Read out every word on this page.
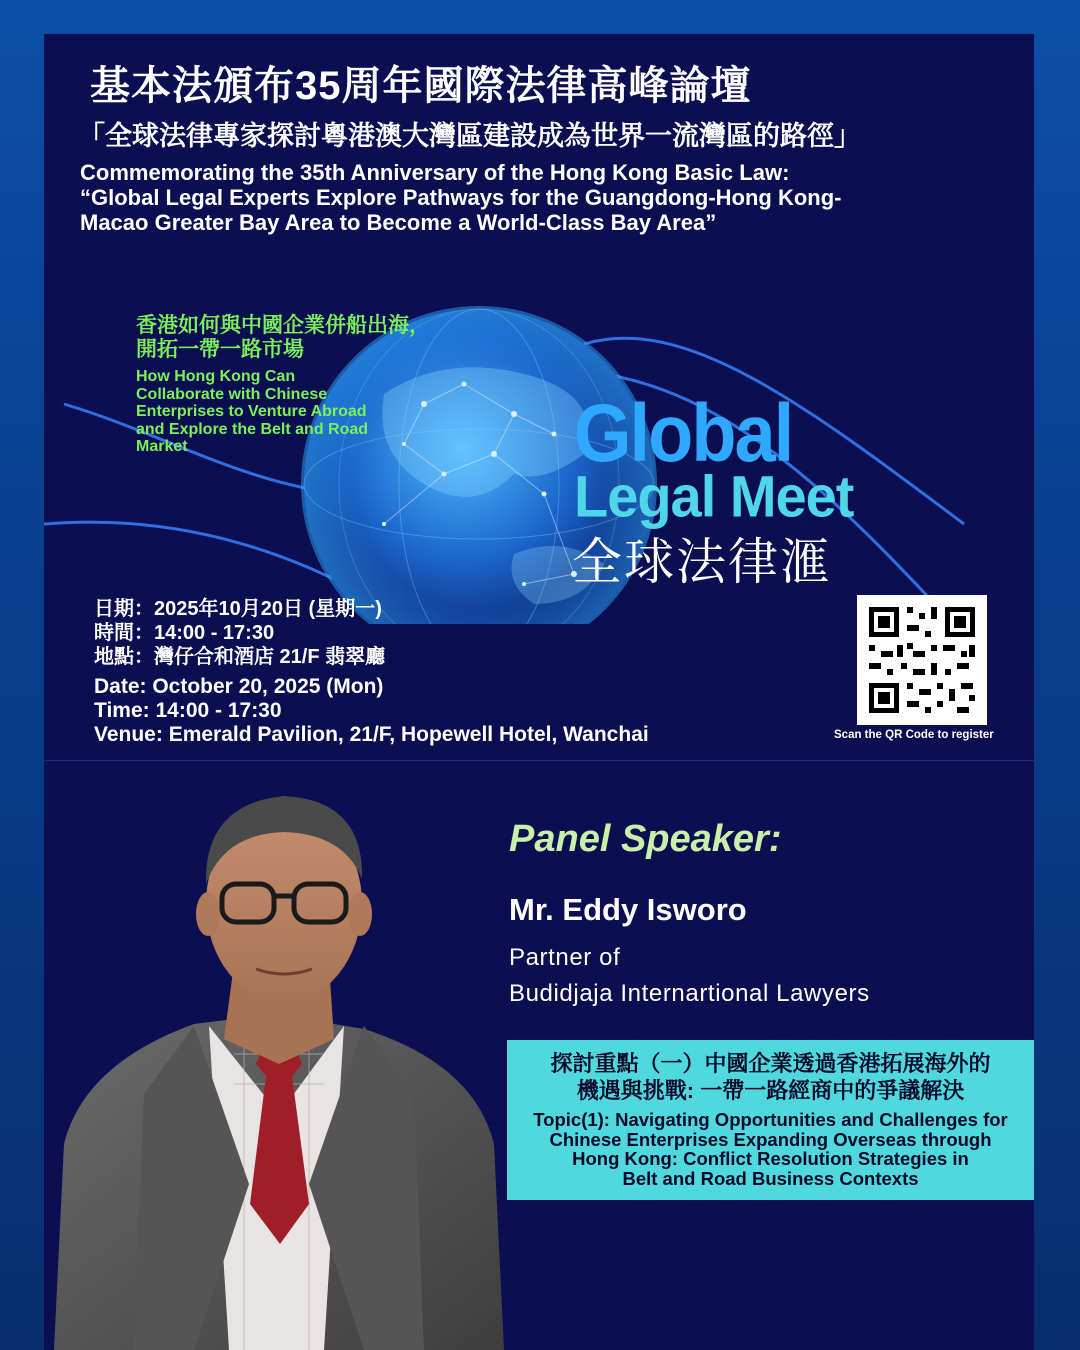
基本法頒布35周年國際法律高峰論壇
「全球法律專家探討粵港澳大灣區建設成為世界一流灣區的路徑」
Commemorating the 35th Anniversary of the Hong Kong Basic Law:
“Global Legal Experts Explore Pathways for the Guangdong-Hong Kong-
Macao Greater Bay Area to Become a World-Class Bay Area”
香港如何與中國企業併船出海，
開拓一帶一路市場
How Hong Kong Can
Collaborate with Chinese
Enterprises to Venture Abroad
and Explore the Belt and Road
Market	Global
Legal Meet
全球法律滙
日期：2025年10月20日 (星期一)
時間：14:00 - 17:30
地點：灣仔合和酒店 21/F 翡翠廳
Date: October 20, 2025 (Mon)
Time: 14:00 - 17:30
Venue: Emerald Pavilion, 21/F, Hopewell Hotel, Wanchai	Scan the QR Code to register
Panel Speaker:
Mr. Eddy Isworo
Partner of
Budidjaja Internartional Lawyers
探討重點（一）中國企業透過香港拓展海外的
機遇與挑戰: 一帶一路經商中的爭議解決
Topic(1): Navigating Opportunities and Challenges for
Chinese Enterprises Expanding Overseas through
Hong Kong: Conflict Resolution Strategies in
Belt and Road Business Contexts
